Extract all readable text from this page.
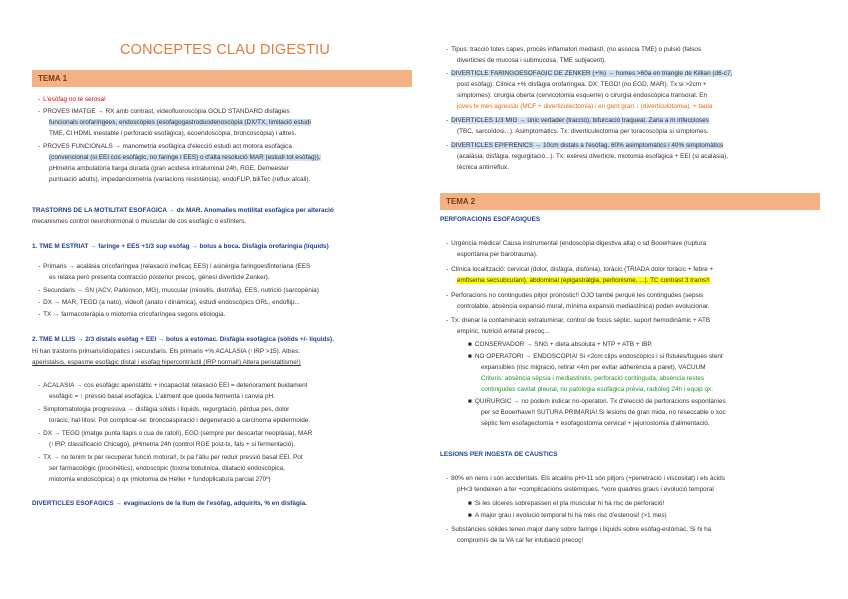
CONCEPTES CLAU DIGESTIU
TEMA 1
- L'esòfag no té serosa!
- PROVES IMATGE → RX amb contrast, videofluoroscòpia GOLD STANDARD disfàgies
funcionals orofaríngees, endoscòpies (esofagogastroduodenoscòpia (DX/TX, limitació estudi
TME, Cl HDML inestable i perforació esofàgica), ecoendoscòpia, broncoscòpia) i altres.
- PROVES FUNCIONALS → manometria esofàgica d'elecció estudi act motora esofàgica
(convencional (si EEI cos esofàgic, no faringe i EES) o d'alta resolució MAR (estudi tot esòfag)),
pHmetria ambulatòria llarga durada (gran acidesa intraluminal 24h, RGE, Demeester
puntuació adults), impedanciometria (variacions resistència), endoFLIP, biliTec (reflux alcali).
TRASTORNS DE LA MOTILITAT ESOFÀGICA → dx MAR. Anomalies motilitat esofàgica per alteració
mecanismes control neurohormonal o muscular de cos esofàgic o esfínters.
1. TME M ESTRIAT → faringe + EES +1/3 sup esòfag → bolus a boca. Disfàgia orofaríngia (líquids)
- Primaris → acalàsia cricofaríngea (relaxació ineficaç EES) i asinèrgia faringoesfinteriana (EES
es relaxa però presenta contracció posterior precoç, gènesi diverticle Zenker).
- Secundaris → SN (ACV, Parkinson, MG), muscular (miositis, distròfia), EES, nutrició (sarcopènia)
- DX → MAR, TEGD (a nato), videofl (anato i dinàmica), estudi endoscòpics ORL, endoflip...
- TX → farmacoteràpia o miotomia cricofaríngea segons etiologia.
2. TME M LLIS → 2/3 distals esòfag + EEI → bolus a estómac. Disfàgia esofàgica (sòlids +/- líquids).
Hi han trastorns primaris/idiopàtics i secundaris. Els primaris +% ACALÀSIA (↑IRP >15). Altres:
aperistalsis, espasme esofàgic distal i esòfag hipercontràctil (IRP normal!) Altera peristaltisme!)
- ACALÀSIA → cos esofàgic aperistàltic + incapacitat relaxació EEI = deteriorament buidament
esofàgic = ↑ pressió basal esofàgica. L'aliment que queda fermenta i canvia pH.
- Simptomatologia progressiva → disfàgia sòlids i líquids, regurgitació, pèrdua pes, dolor
toràcic, hal·litosi. Pot complicar-se: broncoaspiració i degeneració a carcinoma epidermoide.
- DX → TEGD (imatge punta llapis o cua de ratolí), EGD (sempre per descartar neoplàsia), MAR
(↑IRP, classificació Chicago), pHmetria 24h (control RGE post-tx, fals + si fermentació).
- TX → no tenim tx per recuperar funció motora!!, tx pa l'àtiu per reduir pressió basal EEI. Pot
ser farmacològic (procinètics), endoscòpic (toxina botulínica, dilatació endoscòpica,
miotomia endoscòpica) o qx (miotomia de Heller + fundoplicatura parcial 270º)
DIVERTICLES ESOFÀGICS → evaginacions de la llum de l'esòfag, adquirits, % en disfàgia.
- Tipus: tracció totes capes, procés inflamatori mediastí, (no associa TME) o pulsió (falsos
diverticles de mucosa i submucosa, TME subjacent).
- DIVERTICLE FARINGOESOFÀGIC DE ZENKER (+%) → homes >60a en triangle de Killian (d6-c7,
post esòfag). Clínica +% disfàgia orofaríngea. DX: TEGD! (no EGD, MAR). Tx si >2cm +
simptomes): cirurgia oberta (cervicotomia esquerre) o cirurgia endoscòpica transoral. En
joves tx més agressiu (MCF + diverticulectomia) i en gent gran ↓ (diverticulotomia). + taula
- DIVERTICLES 1/3 MIG → únic vertader (tracció), bifurcació traqueal. Zaria a m infeccioses
(TBC, sarcoïdosi...). Asimptomàtics. Tx: diverticulectomia per toracoscòpia si símptomes.
- DIVERTICLES EPIFRÈNICS → 10cm distals a l'esòfag. 60% asimptomàtics i 40% simptomàtics
(acalàsia, disfàgia, regurgitació...). Tx: exèresi diverticle, miotomia esofàgica + EEI (si acalàsia),
tècnica antirreflux.
TEMA 2
PERFORACIONS ESOFÀGIQUES
- Urgència mèdica! Causa instrumental (endoscòpia digestiva alta) o sd Booerhave (ruptura
espontània per barotrauma).
- Clínica localització: cervical (dolor, disfàgia, disfonia), toràcic (TRIADA dolor toràcic + febre +
emfisema secsubcutani), abdominal (epigastràlgia, peritonisme, ...). TC contrast 3 trams!!
- Perforacions no contingudes pitjor pronòstic!! OJO també perquè les contingudes (sepsis
controlable, absència expansió mural, mínima expansió mediastínica) poden evolucionar.
- Tx: drenar la contaminació extraluminar, control de focus sèptic, suport hemodinàmic + ATB
empíric, nutrició enteral precoç...
■ CONSERVADOR → SNG + dieta absoluta + NTP + ATB + IBP.
■ NO OPERATORI → ENDOSCÒPIA! Si <2cm clips endoscòpics i si fístules/fugues stent
expansibles (risc migració, retirar <4m per evitar adherència a paret). VACUUM
Criteris: absència sèpsia i mediastinitis, perforació continguda, absència restes
contingudes cavitat pleural, no patologia esofàgica prèvia, radiòleg 24h i equip qx.
■ QUIRÚRGIC → no podem indicar no-operatori. Tx d'elecció de perforacions espontànies
per sd Booerhave!! SUTURA PRIMÀRIA! Si lesions de gran mida, no reseccable o xoc
sèptic fem esofagectomia + esofagostomia cervical + jejunostomia d'alimentació.
LESIONS PER INGESTA DE CÀUSTICS
- 80% en nens i són accidentals. Els alcalins pH>11 són pitjors (+penetració i viscositat) i els àcids
pH<3 tendeixen a fer +complicacions sistèmiques. *vore quadres graus i evolució temporal
■ Si les úlceres sobrepassen el pla muscular hi ha risc de perforació!
■ A major grau i evolució temporal hi ha més risc d'estenosi! (>1 mes)
- Substàncies sòlides tenen major dany sobre faringe i líquids sobre esòfag-estómac. Si hi ha
compromís de la VA cal fer intubació precoç!
